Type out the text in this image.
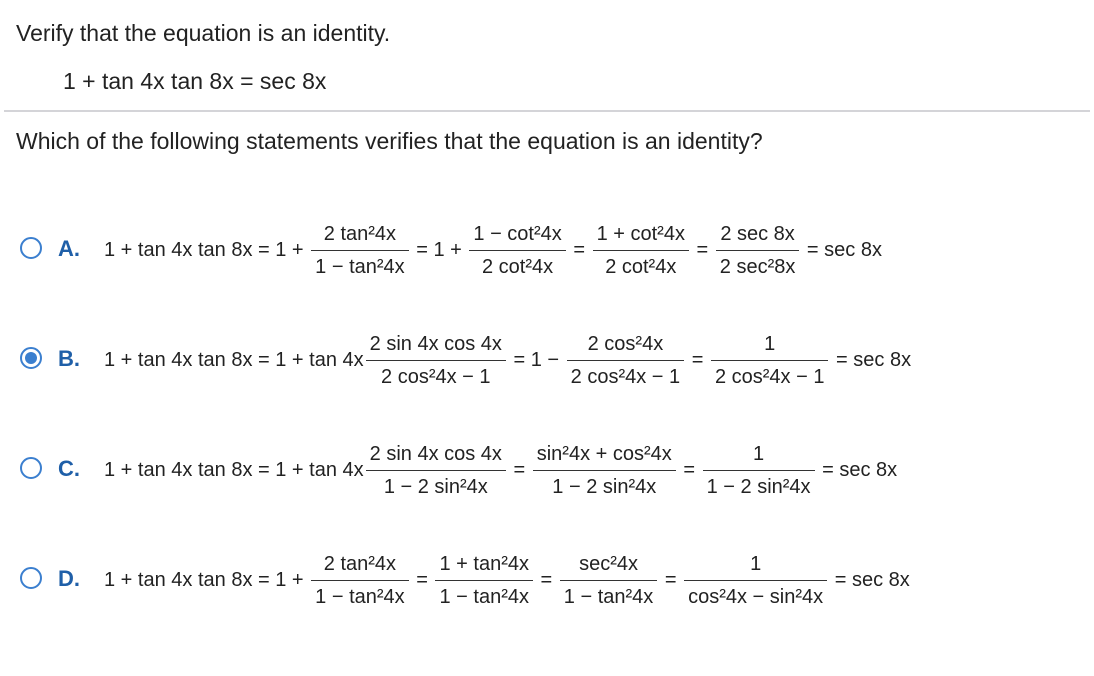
Verify that the equation is an identity.
1 + tan 4x tan 8x = sec 8x
Which of the following statements verifies that the equation is an identity?
A. 1 + tan 4x $\tan 8x = 1 + \frac{\text{2 tan²4x}}{\text{1 − tan²4x}} = 1 + \frac{\text{1 − cot²4x}}{\text{2 cot²4x}} = \frac{\text{1 + cot²4x}}{\text{2 cot²4x}} = \frac{2 \sec 8x}{\text{2 sec²8x}} = \sec 8x$
B. 1 + tan 4x $\tan 8x = 1 + \tan 4x \frac{\text{2 sin 4x cos 4x}}{\text{2 cos²4x − 1}} = 1 - \frac{\text{2 cos²4x}}{\text{2 cos²4x − 1}} = \frac{1}{\text{2 cos²4x − 1}} = \sec 8x$
C. 1 + tan 4x $\tan 8x = 1 + \tan 4x \frac{\text{2 sin 4x cos 4x}}{\text{1 − 2 sin²4x}} = \frac{\text{sin²4x + cos²4x}}{\text{1 − 2 sin²4x}} = \frac{1}{\text{1 − 2 sin²4x}} = \sec 8x$
D. 1 + tan 4x $\tan 8x = 1 + \frac{\text{2 tan²4x}}{\text{1 − tan²4x}} = \frac{\text{1 + tan²4x}}{\text{1 − tan²4x}} = \frac{\text{sec²4x}}{\text{1 − tan²4x}} = \frac{1}{\text{cos²4x − sin²4x}} = \sec 8x$
